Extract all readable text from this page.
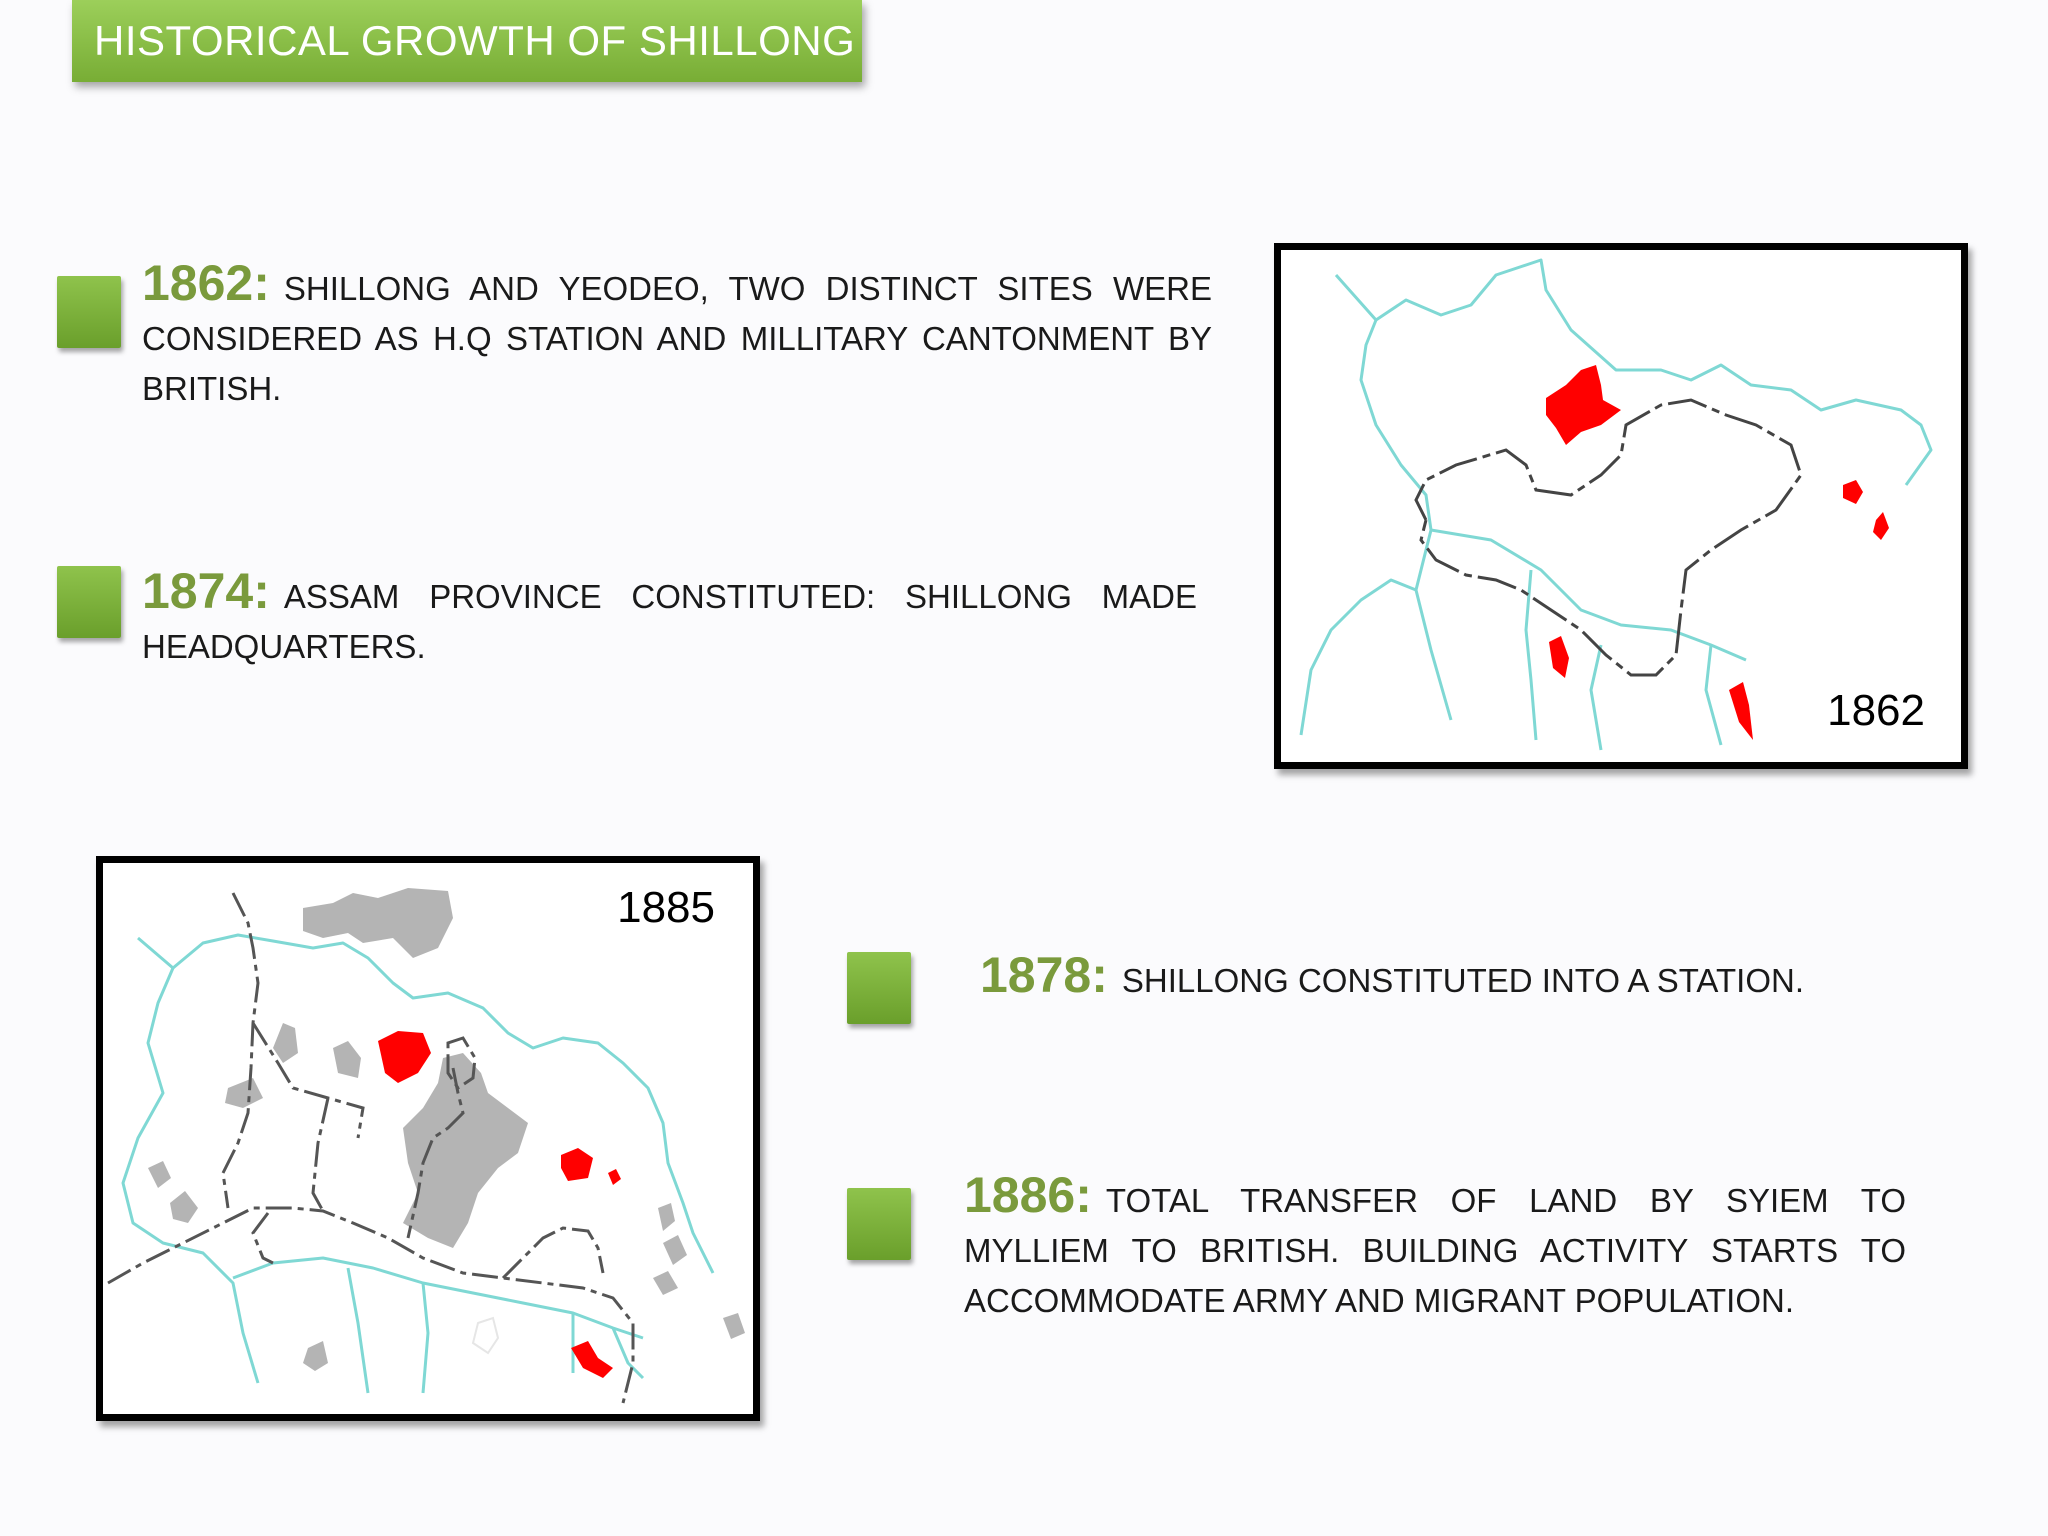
HISTORICAL GROWTH OF SHILLONG
1862: SHILLONG AND YEODEO, TWO DISTINCT SITES WERE CONSIDERED AS H.Q STATION AND MILLITARY CANTONMENT BY BRITISH.
1874: ASSAM PROVINCE CONSTITUTED: SHILLONG MADE HEADQUARTERS.
1878: SHILLONG CONSTITUTED INTO A STATION.
1886: TOTAL TRANSFER OF LAND BY SYIEM TO MYLLIEM TO BRITISH. BUILDING ACTIVITY STARTS TO ACCOMMODATE ARMY AND MIGRANT POPULATION.
1862
1885
